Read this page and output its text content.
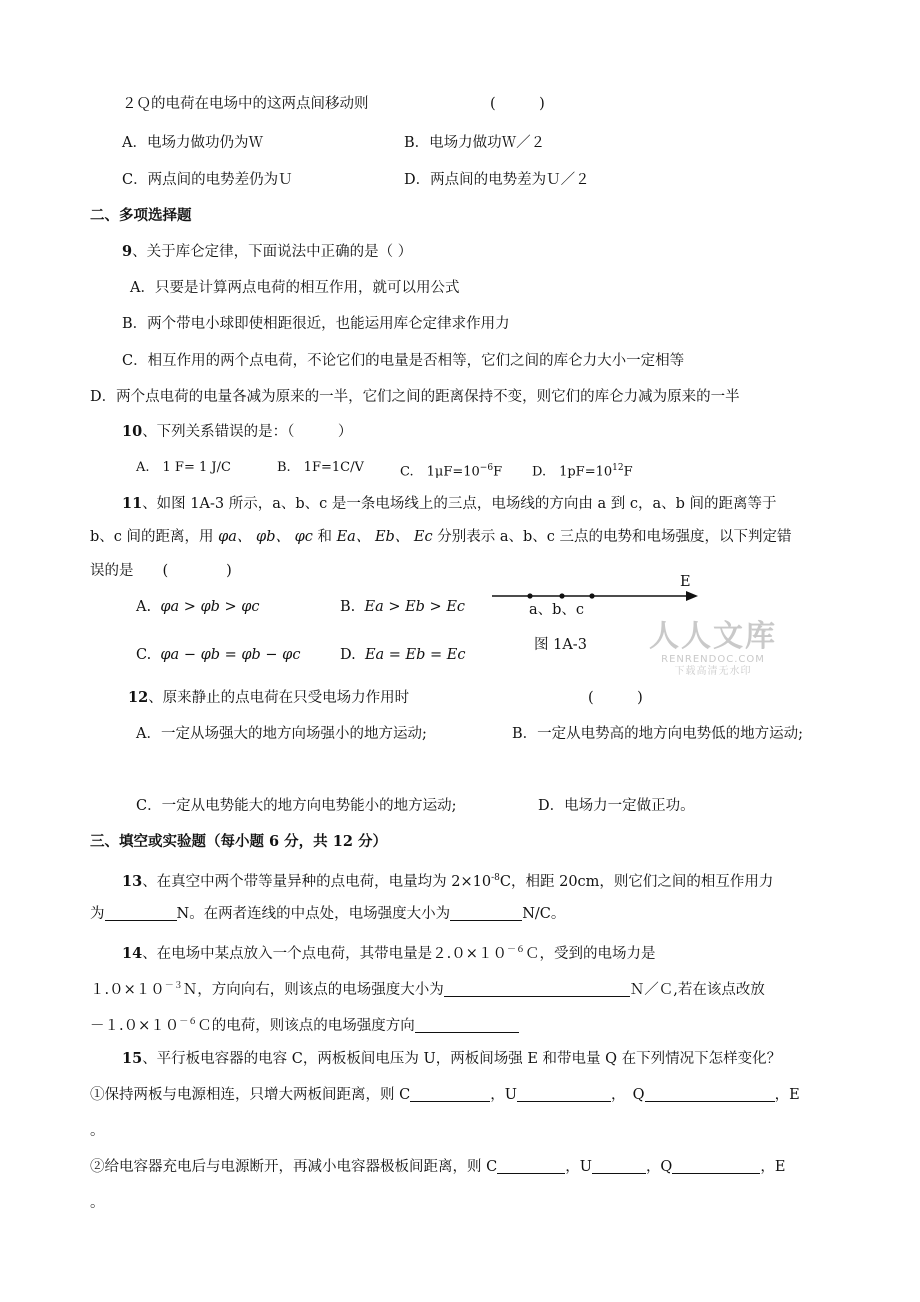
２Ｑ的电荷在电场中的这两点间移动则	(　　　)
A．电场力做功仍为Ｗ	B．电场力做功Ｗ／２
C．两点间的电势差仍为Ｕ	D．两点间的电势差为Ｕ／２
二、多项选择题
9、关于库仑定律，下面说法中正确的是（ ）
A．只要是计算两点电荷的相互作用，就可以用公式
B．两个带电小球即使相距很近，也能运用库仑定律求作用力
C．相互作用的两个点电荷，不论它们的电量是否相等，它们之间的库仑力大小一定相等
D．两个点电荷的电量各减为原来的一半，它们之间的距离保持不变，则它们的库仑力减为原来的一半
10、下列关系错误的是：（　　　）
A.　1 F= 1 J/C	B.　1F=1C/V	C.　$1\mu F=10^{-6}F$ D.　$1pF=10^{12}F$
11、如图 1A-3 所示，a、b、c 是一条电场线上的三点，电场线的方向由 a 到 c，a、b 间的距离等于
b、c 间的距离，用 φa、 φb、 φc 和 Ea、 Eb、 Ec 分别表示 a、b、c 三点的电势和电场强度，以下判定错
误的是　　(　　　　)
A. φa > φb > φc	B. Ea > Eb > Ec
C. φa − φb = φb − φc	D. Ea = Eb = Ec
E
a、b、c
图 1A-3 人人文库
RENRENDOC.COM
下载高清无水印
12、原来静止的点电荷在只受电场力作用时	(　　　)
A．一定从场强大的地方向场强小的地方运动;	B．一定从电势高的地方向电势低的地方运动;
C．一定从电势能大的地方向电势能小的地方运动;	D．电场力一定做正功。
三、填空或实验题（每小题 6 分，共 12 分）
13、在真空中两个带等量异种的点电荷，电量均为 $2\times 10^{-8}C$，相距 20cm，则它们之间的相互作用力
为	N。在两者连线的中点处，电场强度大小为	N/C。
14、在电场中某点放入一个点电荷，其带电量是$2.0\times 10^{-6}C$，受到的电场力是
$1.0\times 10^{-3}N$，方向向右，则该点的电场强度大小为	Ｎ／Ｃ,若在该点改放
$-1.0\times 10^{-6}C$的电荷，则该点的电场强度方向
15、平行板电容器的电容 C，两板板间电压为 U，两板间场强 E 和带电量 Q 在下列情况下怎样变化？
①保持两板与电源相连，只增大两板间距离，则 C	，U	，　Q	，E
。
②给电容器充电后与电源断开，再减小电容器极板间距离，则 C	，U	，Q	，E
。
